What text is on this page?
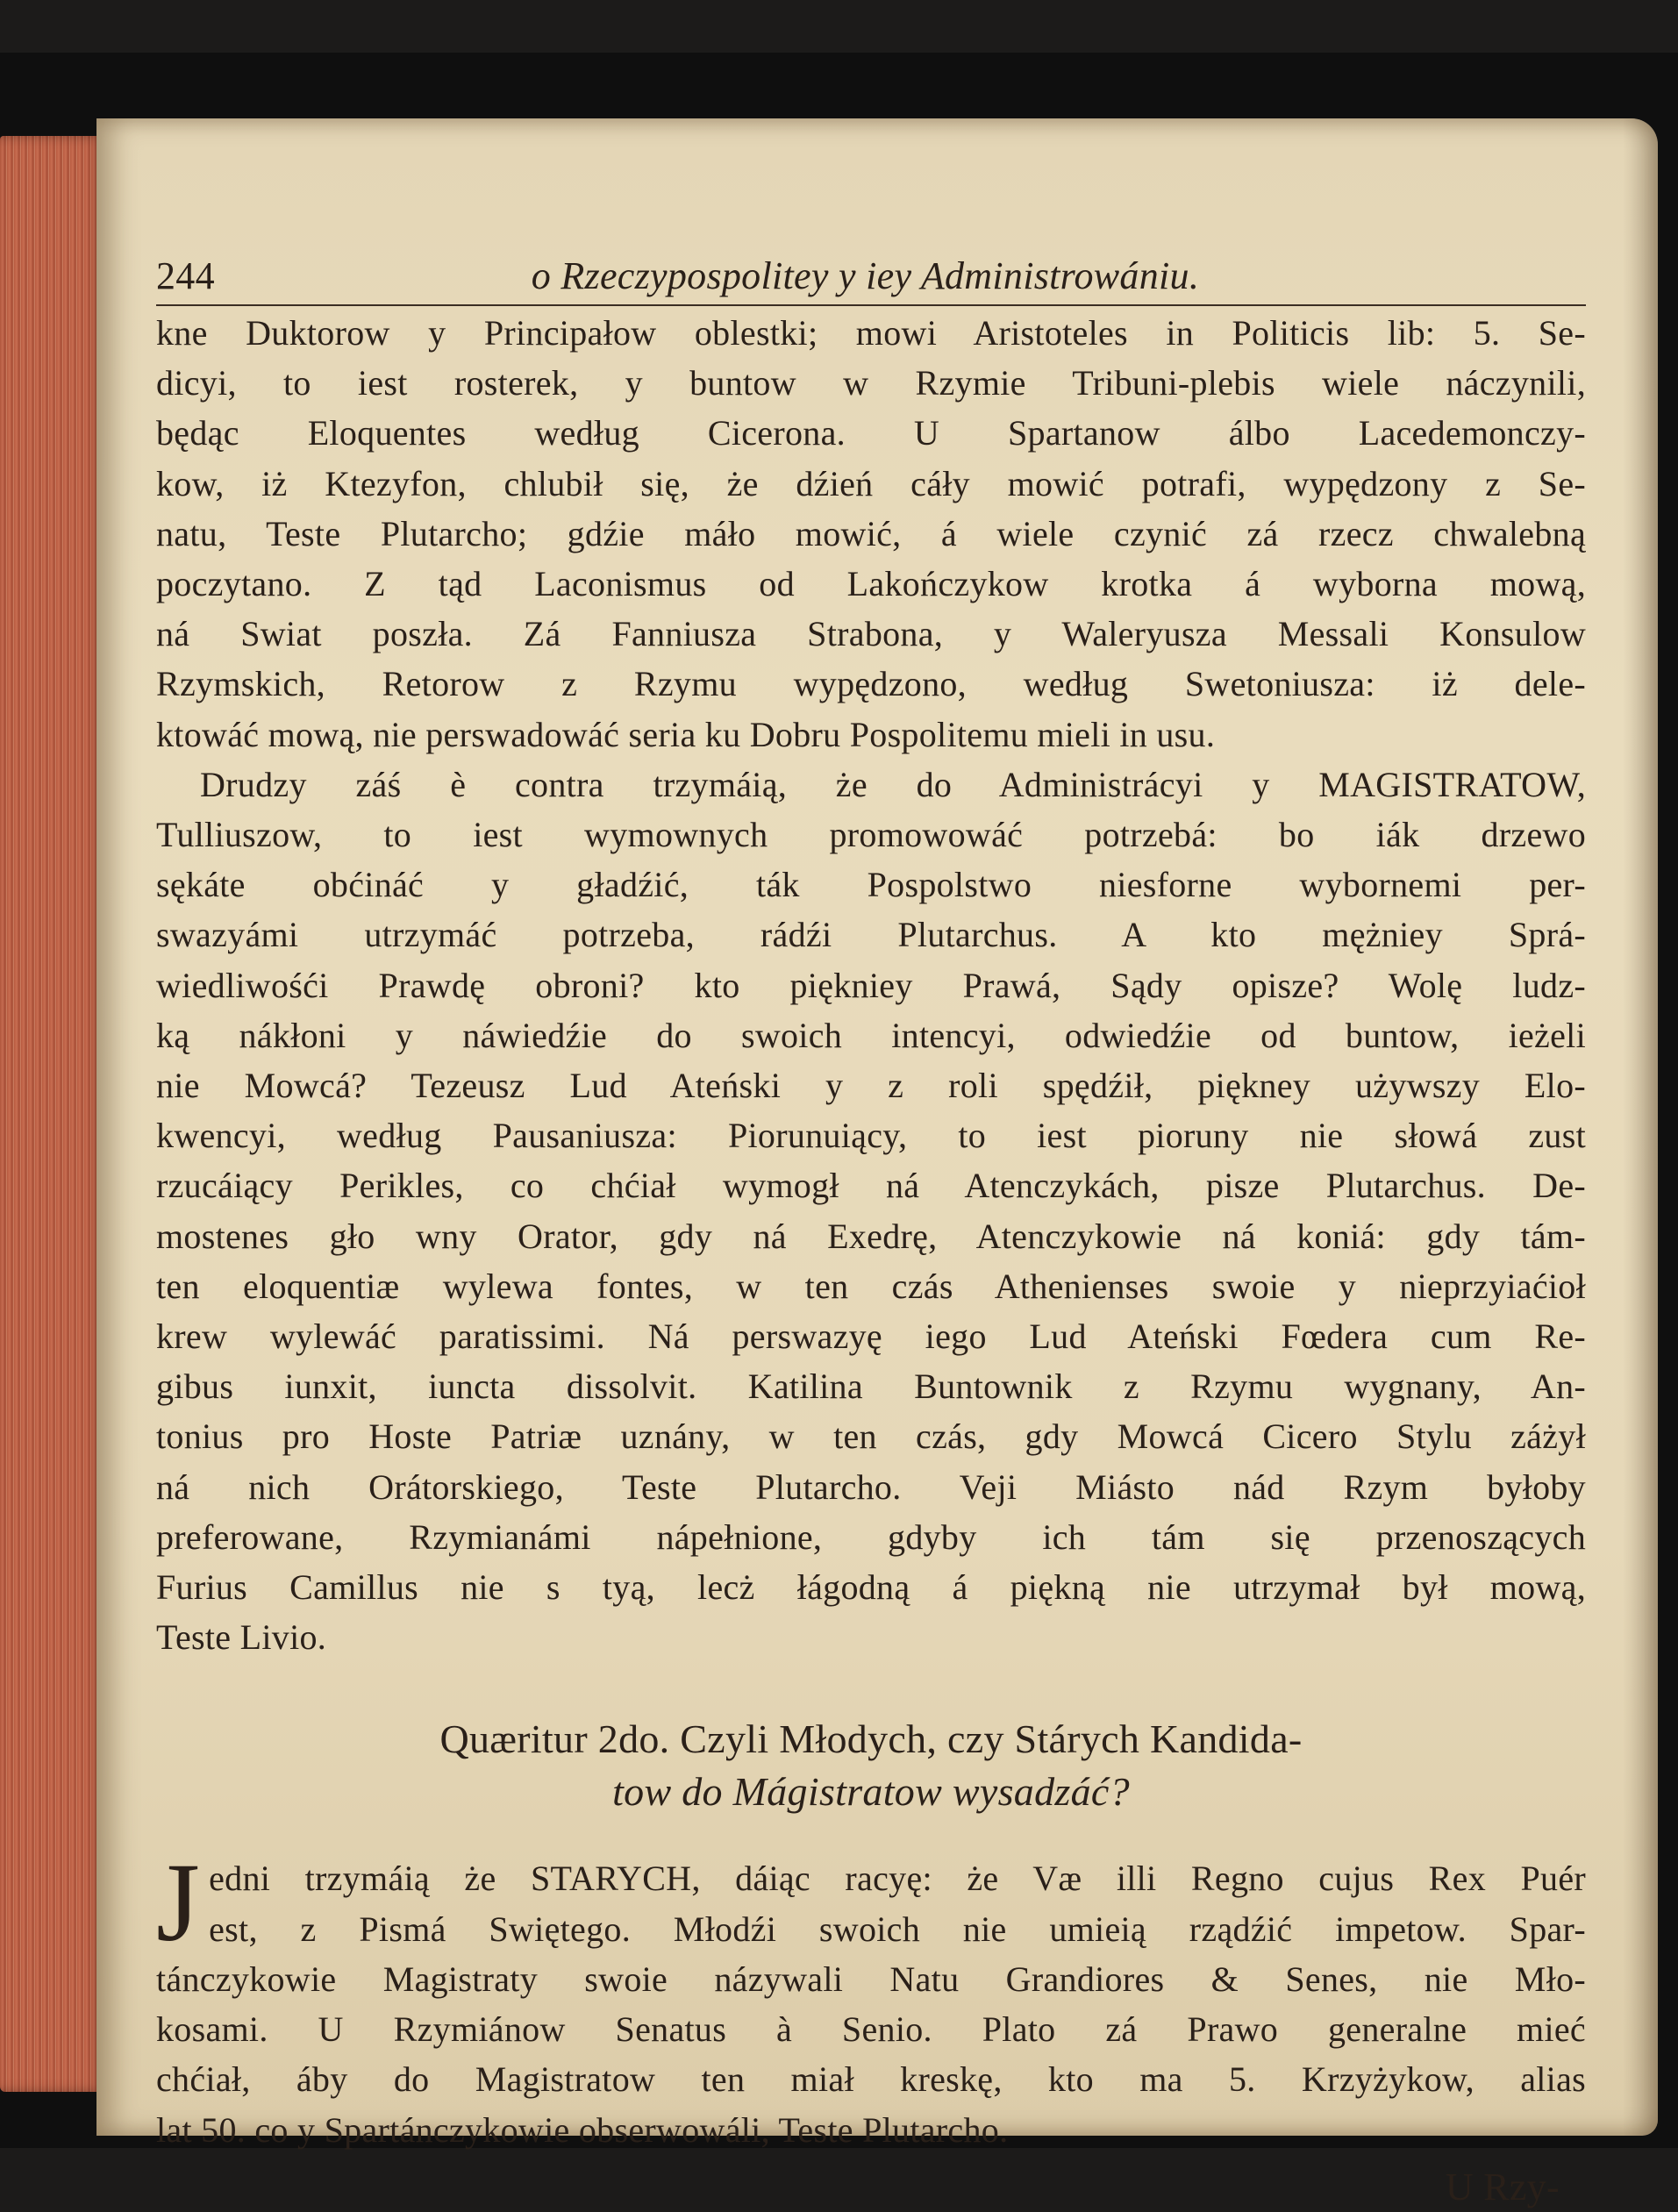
244	o Rzeczypospolitey y iey Administrowániu.
kne Duktorow y Principałow oblestki; mowi Aristoteles in Politicis lib: 5. Se-
dicyi, to iest rosterek, y buntow w Rzymie Tribuni-plebis wiele náczynili,
będąc Eloquentes według Cicerona. U Spartanow álbo Lacedemonczy-
kow, iż Ktezyfon, chlubił się, że dźień cáły mowić potrafi, wypędzony z Se-
natu, Teste Plutarcho; gdźie máło mowić, á wiele czynić zá rzecz chwalebną
poczytano. Z tąd Laconismus od Lakończykow krotka á wyborna mową,
ná Swiat poszła. Zá Fanniusza Strabona, y Waleryusza Messali Konsulow
Rzymskich, Retorow z Rzymu wypędzono, według Swetoniusza: iż dele-
ktowáć mową, nie perswadowáć seria ku Dobru Pospolitemu mieli in usu.
Drudzy záś è contra trzymáią, że do Administrácyi y MAGISTRATOW,
Tulliuszow, to iest wymownych promowowáć potrzebá: bo iák drzewo
sękáte obćináć y gładźić, ták Pospolstwo niesforne wybornemi per-
swazyámi utrzymáć potrzeba, rádźi Plutarchus. A kto mężniey Sprá-
wiedliwośći Prawdę obroni? kto piękniey Prawá, Sądy opisze? Wolę ludz-
ką nákłoni y náwiedźie do swoich intencyi, odwiedźie od buntow, ieżeli
nie Mowcá? Tezeusz Lud Ateński y z roli spędźił, piękney używszy Elo-
kwencyi, według Pausaniusza: Piorunuiący, to iest pioruny nie słowá zust
rzucáiący Perikles, co chćiał wymogł ná Atenczykách, pisze Plutarchus. De-
mostenes gło wny Orator, gdy ná Exedrę, Atenczykowie ná koniá: gdy tám-
ten eloquentiæ wylewa fontes, w ten czás Athenienses swoie y nieprzyiaćioł
krew wylewáć paratissimi. Ná perswazyę iego Lud Ateński Fœdera cum Re-
gibus iunxit, iuncta dissolvit. Katilina Buntownik z Rzymu wygnany, An-
tonius pro Hoste Patriæ uznány, w ten czás, gdy Mowcá Cicero Stylu záżył
ná nich Orátorskiego, Teste Plutarcho. Veji Miásto nád Rzym byłoby
preferowane, Rzymianámi nápełnione, gdyby ich tám się przenoszących
Furius Camillus nie s tyą, lecż łágodną á piękną nie utrzymał był mową,
Teste Livio.
Quæritur 2do. Czyli Młodych, czy Stárych Kandida-
tow do Mágistratow wysadzáć?
J edni trzymáią że STARYCH, dáiąc racyę: że Væ illi Regno cujus Rex Puér
est, z Pismá Swiętego. Młodźi swoich nie umieią rządźić impetow. Spar-
tánczykowie Magistraty swoie názywali Natu Grandiores & Senes, nie Mło-
kosami. U Rzymiánow Senatus à Senio. Plato zá Prawo generalne mieć
chćiał, áby do Magistratow ten miał kreskę, kto ma 5. Krzyżykow, alias
lat 50. co y Spartánczykowie obserwowáli, Teste Plutarcho.
U Rzy-
